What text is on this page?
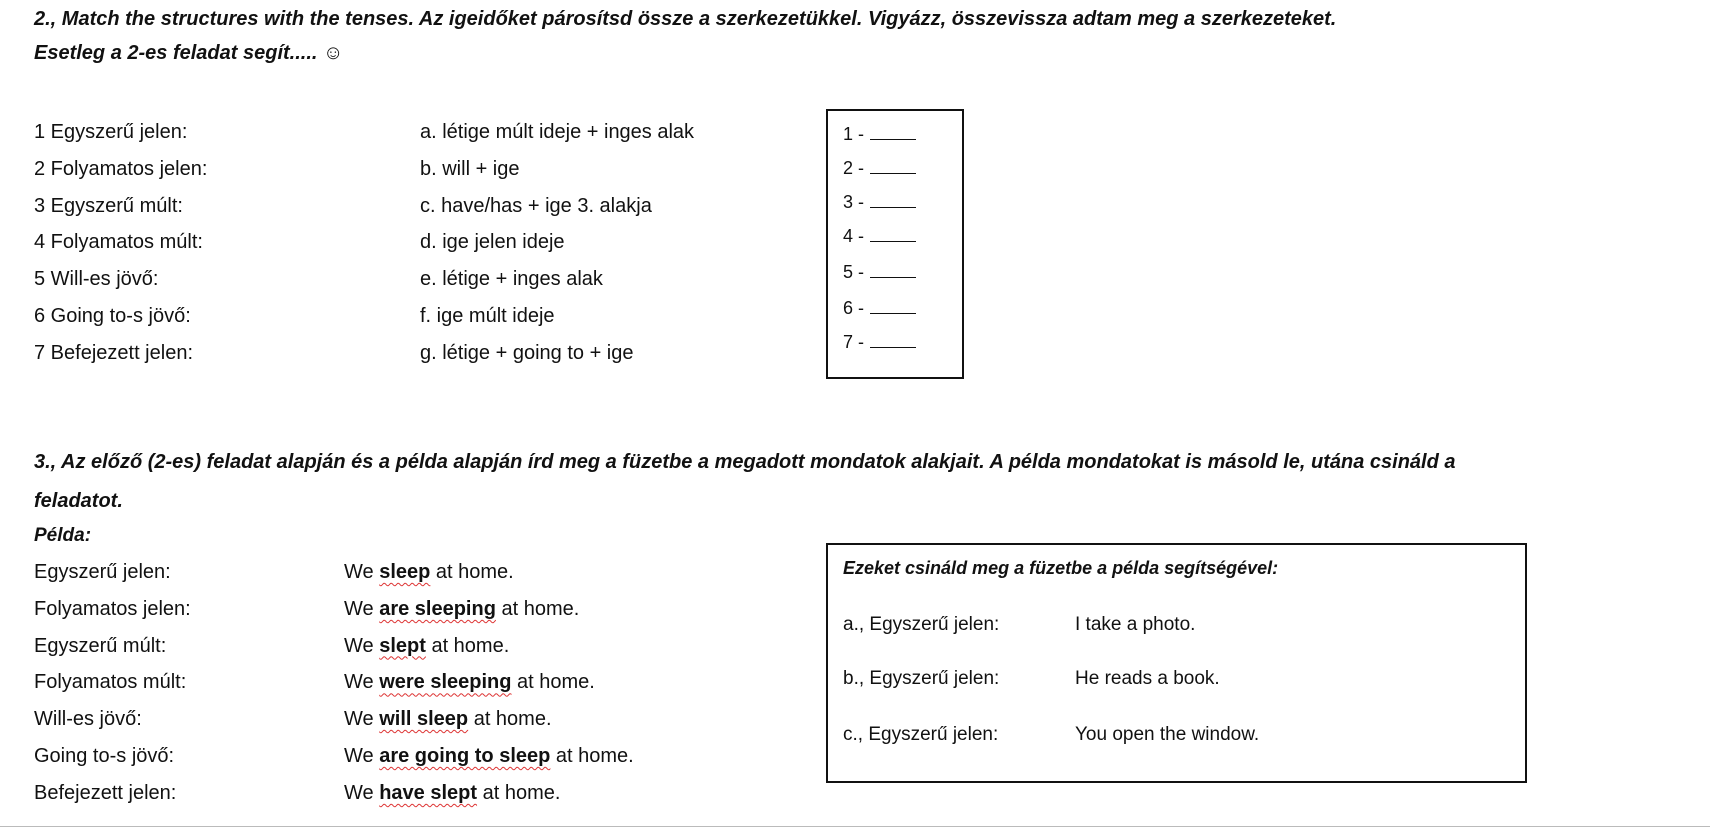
2., Match the structures with the tenses. Az igeidőket párosítsd össze a szerkezetükkel. Vigyázz, összevissza adtam meg a szerkezeteket.
Esetleg a 2-es feladat segít..... ☺
1 Egyszerű jelen:	a. létige múlt ideje + inges alak
2 Folyamatos jelen:	b. will + ige
3 Egyszerű múlt:	c. have/has + ige 3. alakja
4 Folyamatos múlt:	d. ige jelen ideje
5 Will-es jövő:	e. létige + inges alak
6 Going to-s jövő:	f. ige múlt ideje
7 Befejezett jelen:	g. létige + going to + ige
1 -
2 -
3 -
4 -
5 -
6 -
7 -
3., Az előző (2-es) feladat alapján és a példa alapján írd meg a füzetbe a megadott mondatok alakjait. A példa mondatokat is másold le, utána csináld a
feladatot.
Példa:
Egyszerű jelen:	We sleep at home.
Folyamatos jelen:	We are sleeping at home.
Egyszerű múlt:	We slept at home.
Folyamatos múlt:	We were sleeping at home.
Will-es jövő:	We will sleep at home.
Going to-s jövő:	We are going to sleep at home.
Befejezett jelen:	We have slept at home.
Ezeket csináld meg a füzetbe a példa segítségével:
a., Egyszerű jelen:	I take a photo.
b., Egyszerű jelen:	He reads a book.
c., Egyszerű jelen:	You open the window.
